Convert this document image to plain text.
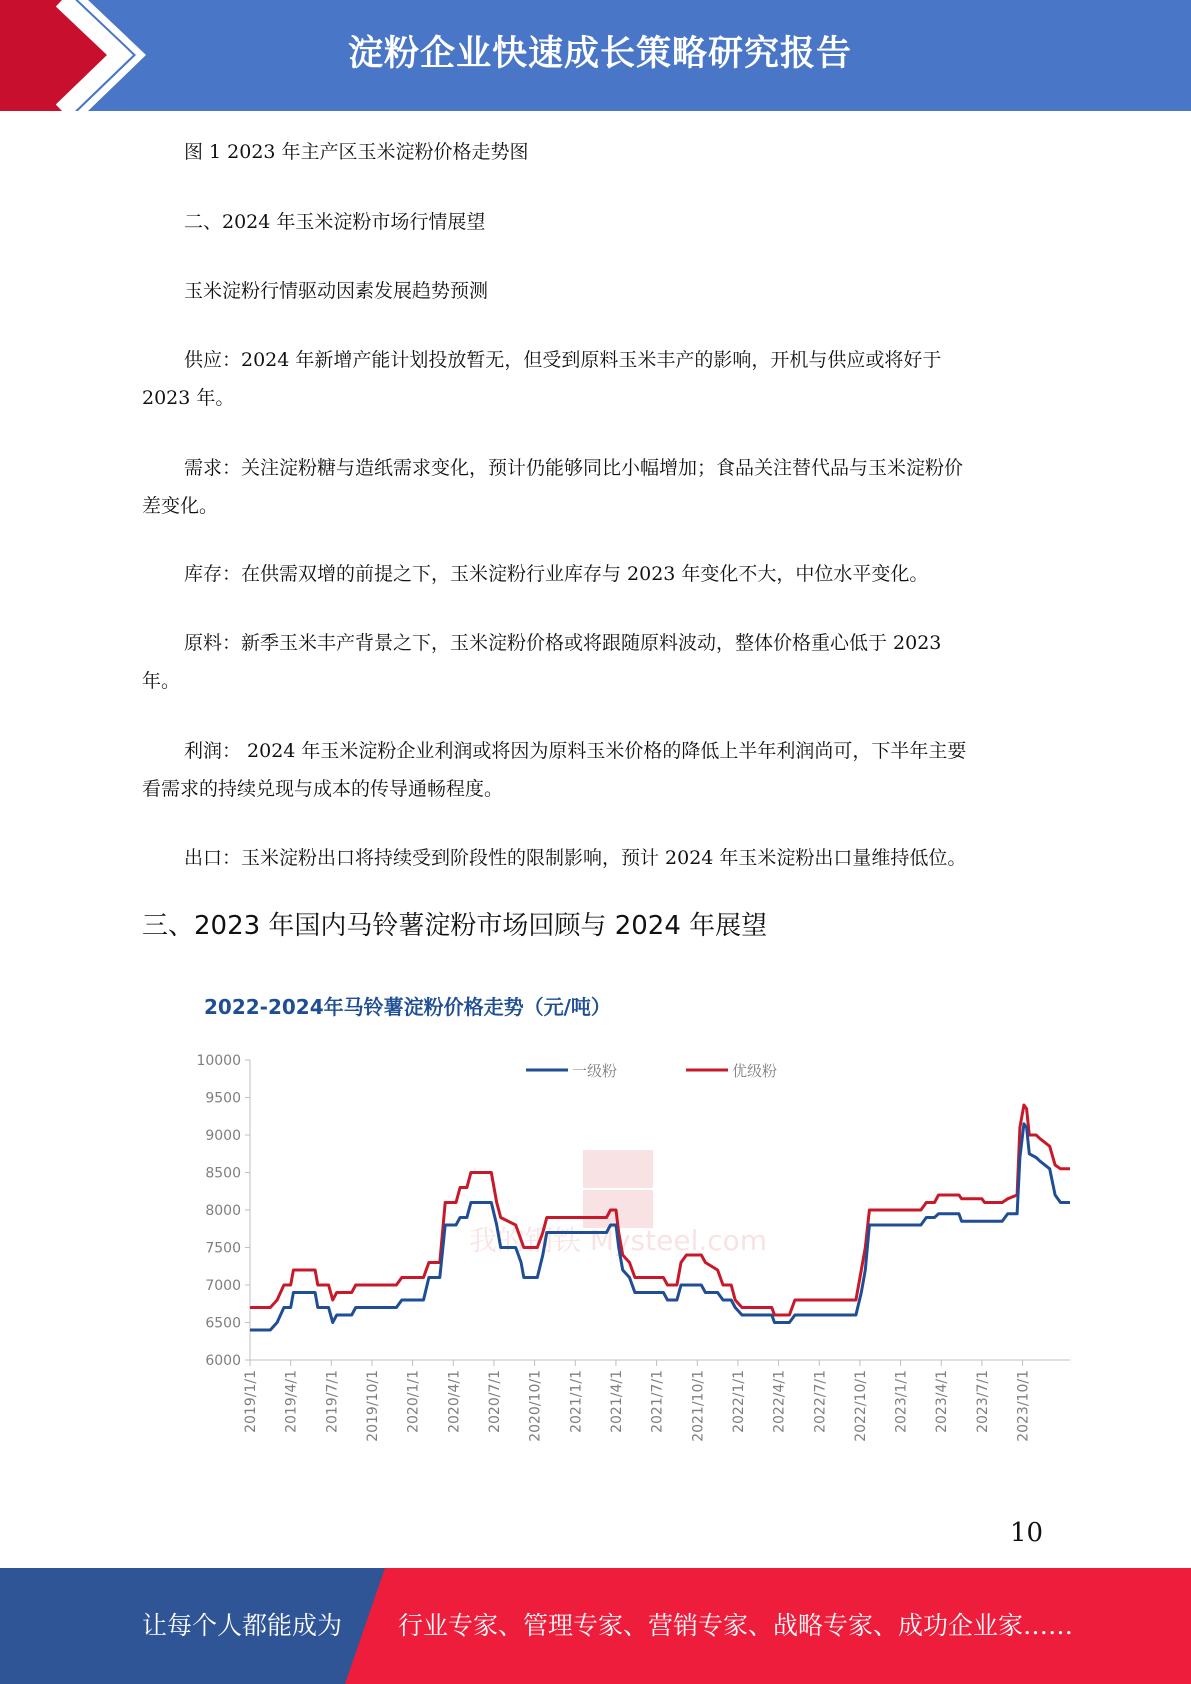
淀粉企业快速成长策略研究报告

图 1 2023 年主产区玉米淀粉价格走势图

二、2024 年玉米淀粉市场行情展望

玉米淀粉行情驱动因素发展趋势预测

供应：2024 年新增产能计划投放暂无，但受到原料玉米丰产的影响，开机与供应或将好于
2023 年。
需求：关注淀粉糖与造纸需求变化，预计仍能够同比小幅增加；食品关注替代品与玉米淀粉价
差变化。
库存：在供需双增的前提之下，玉米淀粉行业库存与 2023 年变化不大，中位水平变化。
原料：新季玉米丰产背景之下，玉米淀粉价格或将跟随原料波动，整体价格重心低于 2023
年。
利润： 2024 年玉米淀粉企业利润或将因为原料玉米价格的降低上半年利润尚可，下半年主要
看需求的持续兑现与成本的传导通畅程度。
出口：玉米淀粉出口将持续受到阶段性的限制影响，预计 2024 年玉米淀粉出口量维持低位。
三、2023 年国内马铃薯淀粉市场回顾与 2024 年展望
2022-2024年马铃薯淀粉价格走势（元/吨）
我的钢铁 Mysteel.com
10000
9500
9000
8500
8000
7500
7000
6500
6000
2019/1/1 2019/4/1 2019/7/1 2019/10/1 2020/1/1 2020/4/1 2020/7/1 2020/10/1 2021/1/1 2021/4/1 2021/7/1 2021/10/1 2022/1/1 2022/4/1 2022/7/1 2022/10/1 2023/1/1 2023/4/1 2023/7/1 2023/10/1
一级粉	优级粉
10
让每个人都能成为 行业专家、管理专家、营销专家、战略专家、成功企业家……
